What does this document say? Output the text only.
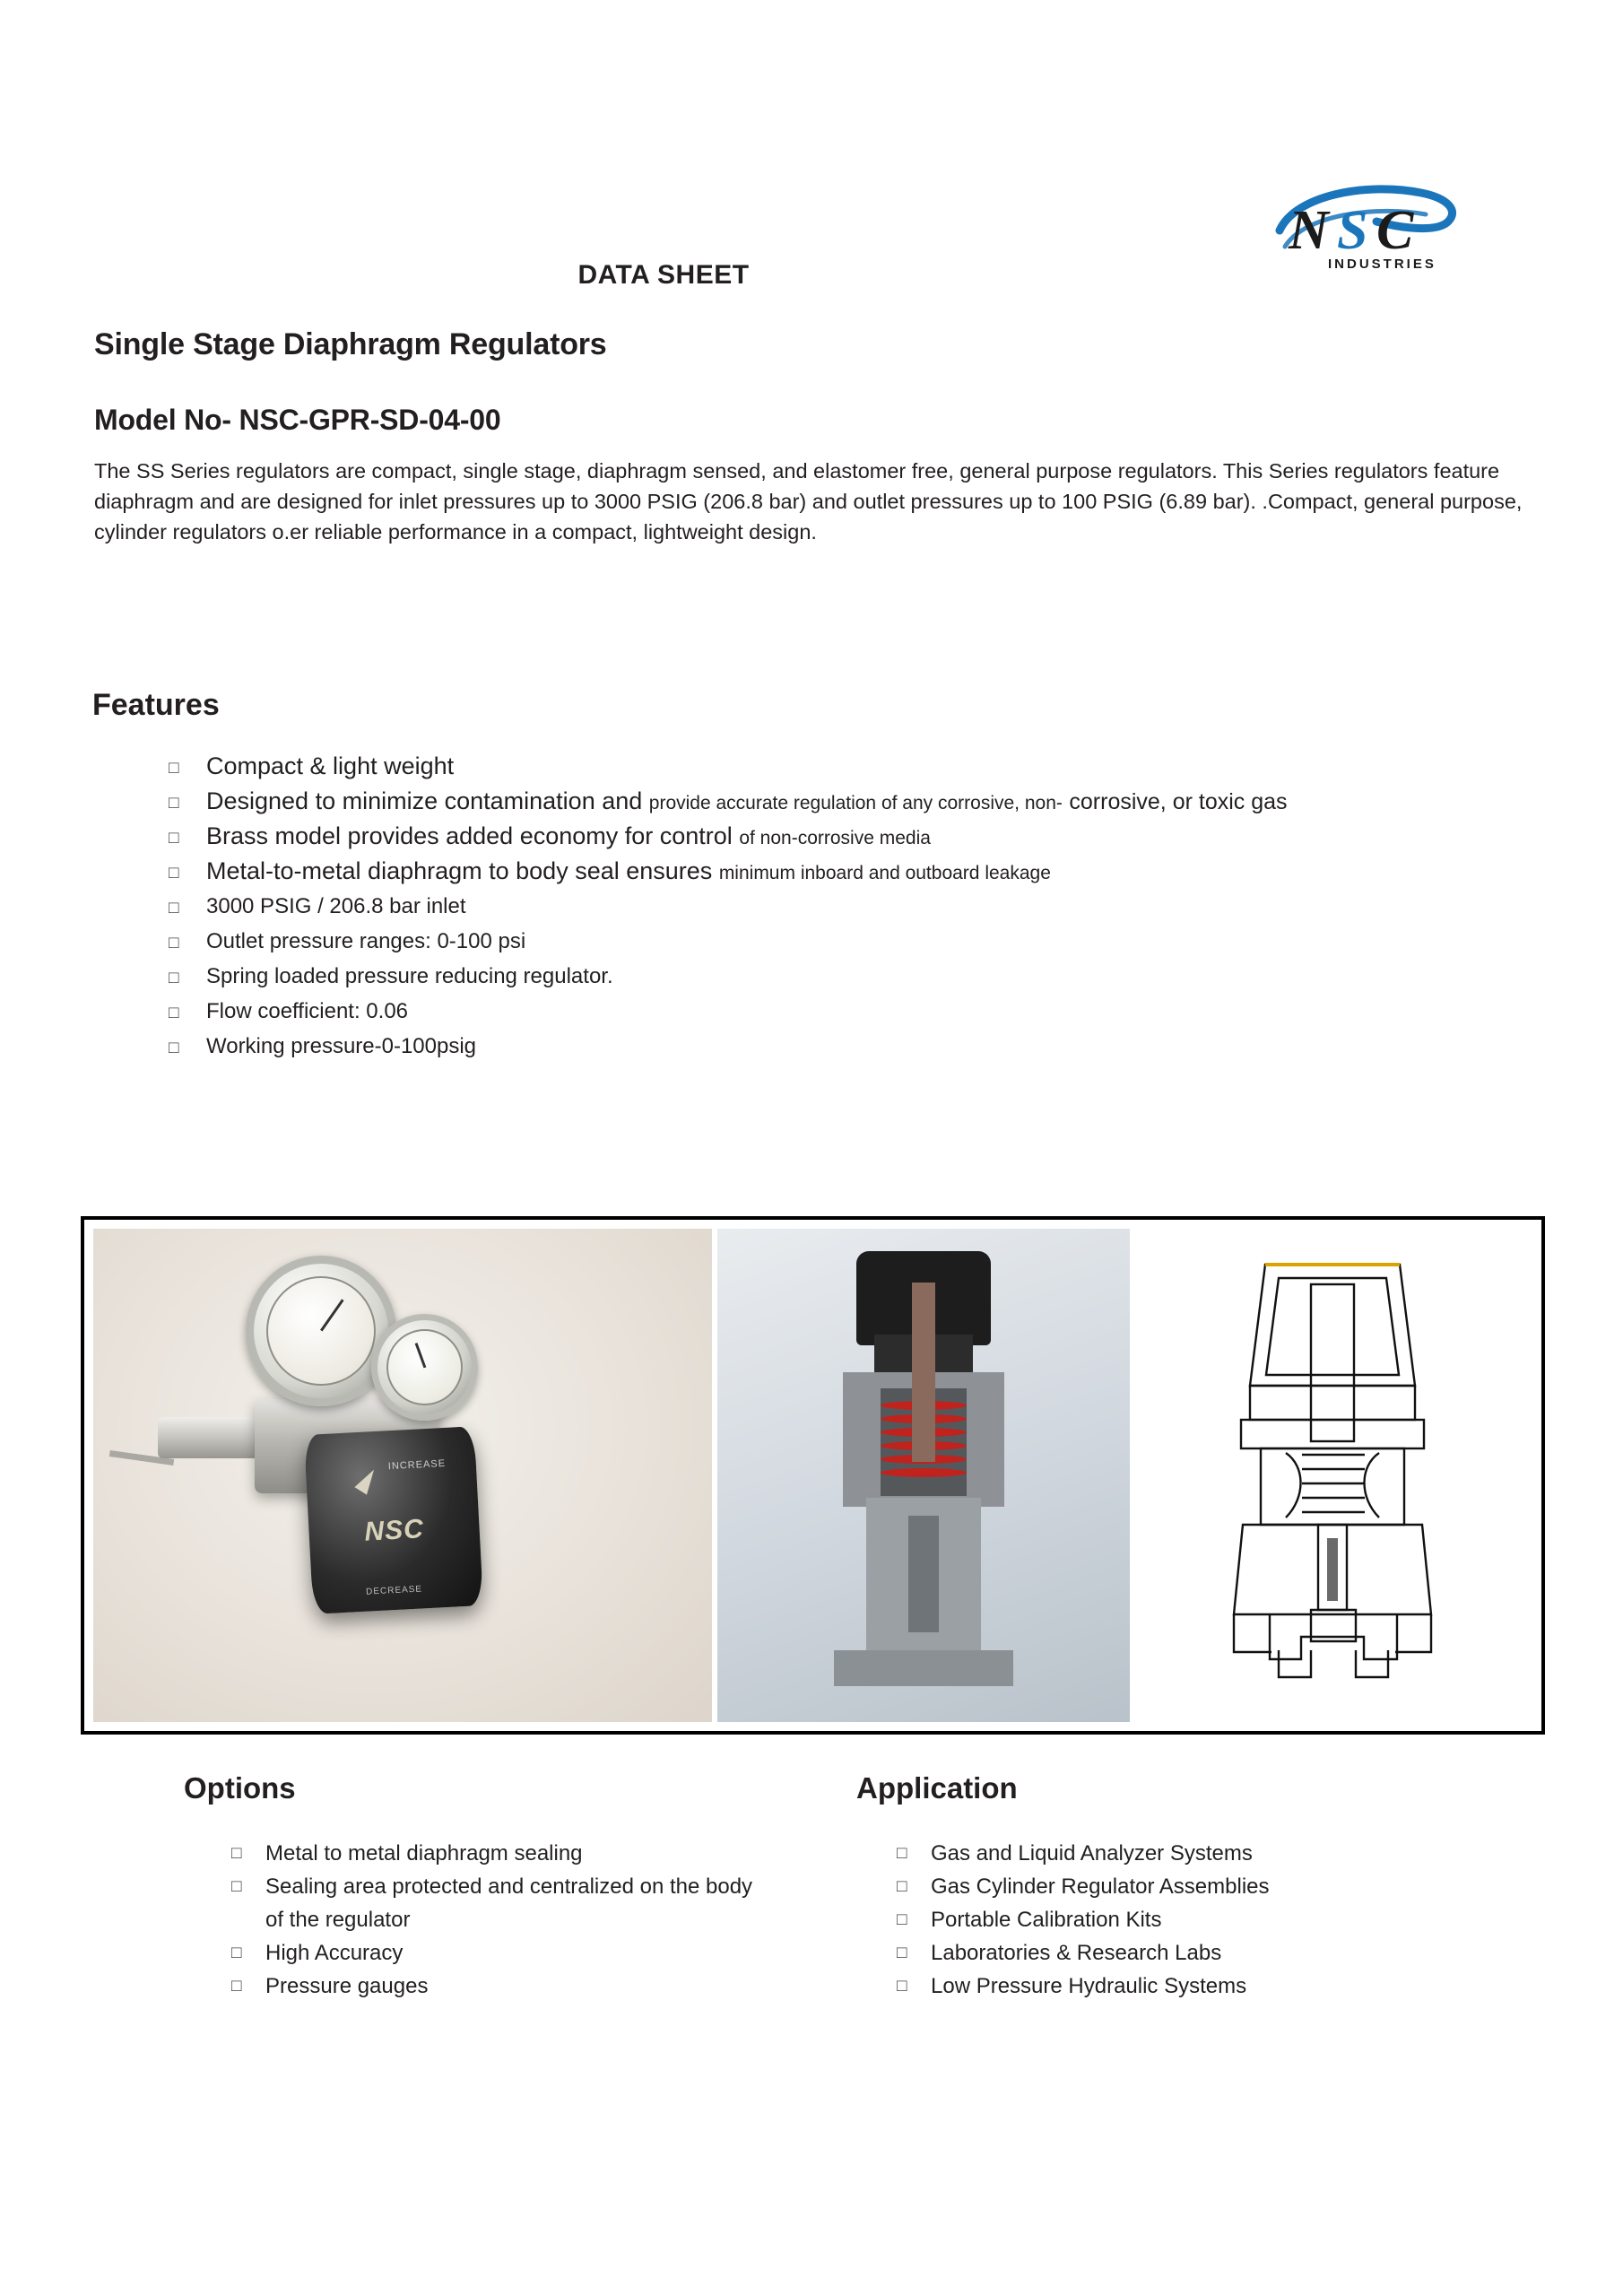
N S C
INDUSTRIES
DATA SHEET
Single Stage Diaphragm Regulators
Model No- NSC-GPR-SD-04-00
The SS Series regulators are compact, single stage, diaphragm sensed, and elastomer free, general purpose regulators. This Series regulators feature diaphragm and are designed for inlet pressures up to 3000 PSIG (206.8 bar) and outlet pressures up to 100 PSIG (6.89 bar). .Compact, general purpose, cylinder regulators o.er reliable performance in a compact, lightweight design.
Features
□
Compact & light weight
□
Designed to minimize contamination and provide accurate regulation of any corrosive, non- corrosive, or toxic gas
□
Brass model provides added economy for control of non-corrosive media
□
Metal-to-metal diaphragm to body seal ensures minimum inboard and outboard leakage
□
3000 PSIG / 206.8 bar inlet
□
Outlet pressure ranges: 0-100 psi
□
Spring loaded pressure reducing regulator.
□
Flow coefficient: 0.06
□
Working pressure-0-100psig
INCREASE
NSC
DECREASE
Options
□
Metal to metal diaphragm sealing
□
Sealing area protected and centralized on the body of the regulator
□
High Accuracy
□
Pressure gauges
Application
□
Gas and Liquid Analyzer Systems
□
Gas Cylinder Regulator Assemblies
□
Portable Calibration Kits
□
Laboratories & Research Labs
□
Low Pressure Hydraulic Systems
